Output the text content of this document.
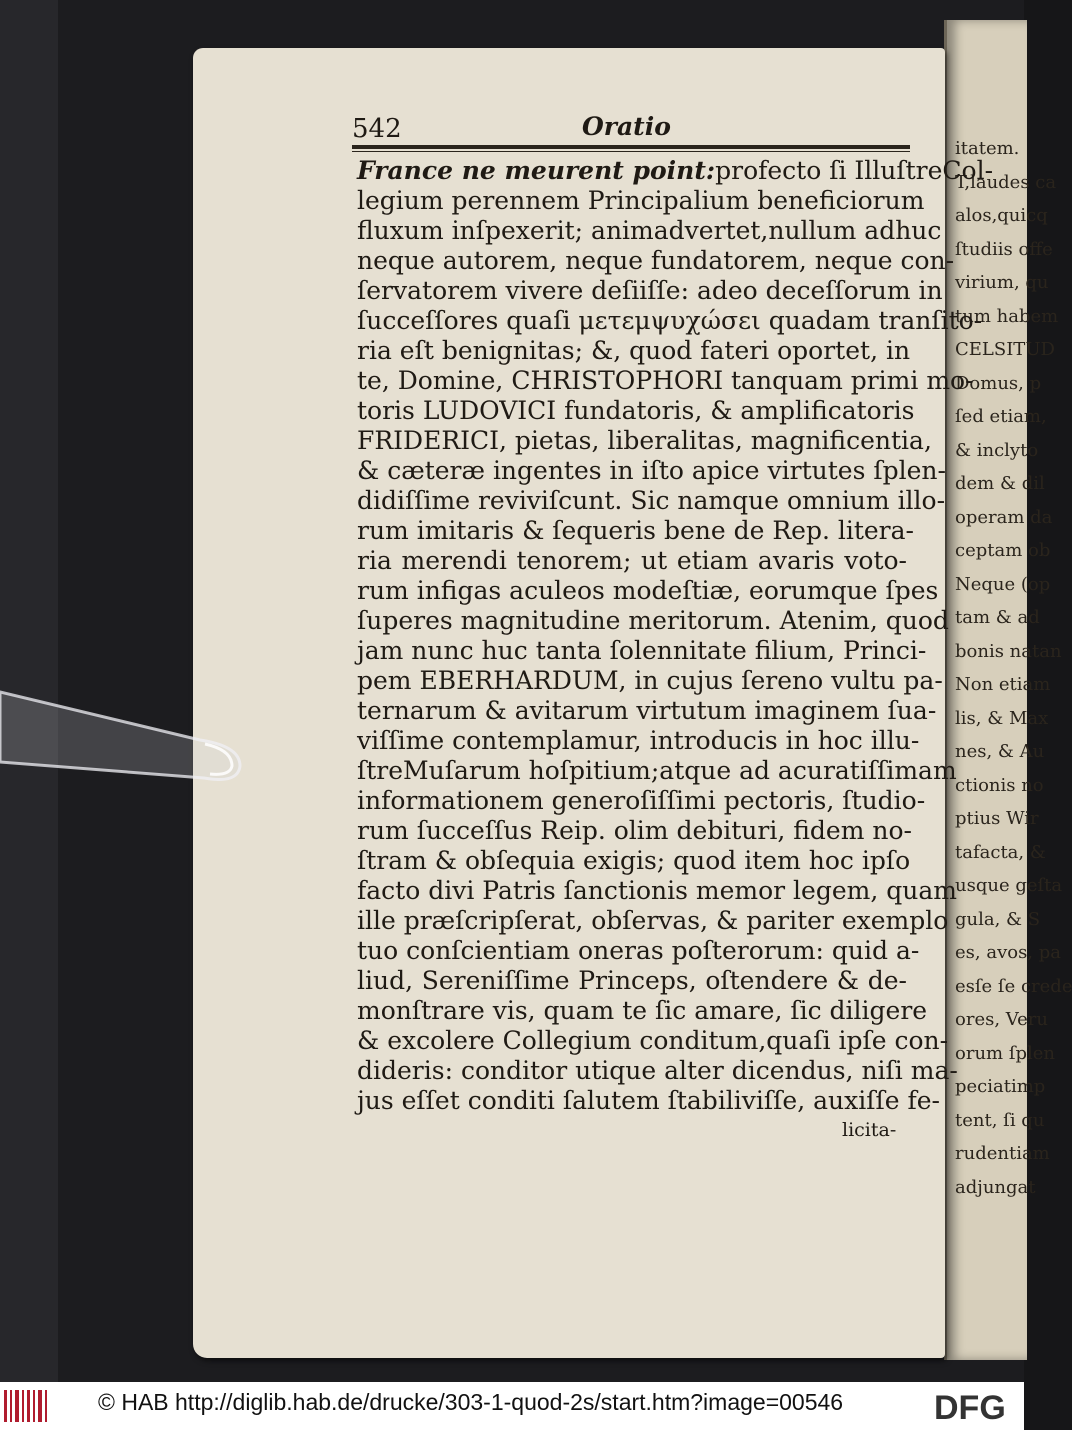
itatem.
T,laudes ca
alos,quicq
ſtudiis offe
virium, qu
tum habem
CELSITUD
Domus, p
ſed etiam,
& inclyto
dem & dil
operam da
ceptam ob
Neque (op
tam & ad
bonis natan
Non etiam
lis, & Max
nes, & Au
ctionis no
ptius Wir
tafacta, &
usque geſta
gula, & S
es, avos, pa
esſe ſe crede
ores, Veru
orum ſplen
peciatimp
tent, ſi qu
rudentiam
adjungat
542	Oratio
France ne meurent point:profecto ſi IlluſtreCol-
legium perennem Principalium beneficiorum
fluxum inſpexerit; animadvertet,nullum adhuc
neque autorem, neque fundatorem, neque con-
ſervatorem vivere deſiiſſe: adeo deceſſorum in
ſucceſſores quaſi μετεμψυχώσει quadam tranſito-
ria eſt benignitas; &, quod fateri oportet, in
te, Domine, CHRISTOPHORI tanquam primi mo-
toris LUDOVICI fundatoris, & amplificatoris
FRIDERICI, pietas, liberalitas, magnificentia,
& cæteræ ingentes in iſto apice virtutes ſplen-
didiſſime reviviſcunt. Sic namque omnium illo-
rum imitaris & ſequeris bene de Rep. litera-
ria merendi tenorem; ut etiam avaris voto-
rum infigas aculeos modeſtiæ, eorumque ſpes
ſuperes magnitudine meritorum. Atenim, quod
jam nunc huc tanta ſolennitate filium, Princi-
pem EBERHARDUM, in cujus ſereno vultu pa-
ternarum & avitarum virtutum imaginem ſua-
viſſime contemplamur, introducis in hoc illu-
ſtreMuſarum hoſpitium;atque ad acuratiſſimam
informationem generoſiſſimi pectoris, ſtudio-
rum ſucceſſus Reip. olim debituri, fidem no-
ſtram & obſequia exigis; quod item hoc ipſo
facto divi Patris ſanctionis memor legem, quam
ille præſcripſerat, obſervas, & pariter exemplo
tuo conſcientiam oneras poſterorum: quid a-
liud, Sereniſſime Princeps, oſtendere & de-
monſtrare vis, quam te ſic amare, ſic diligere
& excolere Collegium conditum,quaſi ipſe con-
dideris: conditor utique alter dicendus, niſi ma-
jus eſſet conditi ſalutem ſtabiliviſſe, auxiſſe fe-
licita-
© HAB http://diglib.hab.de/drucke/303-1-quod-2s/start.htm?image=00546	DFG
